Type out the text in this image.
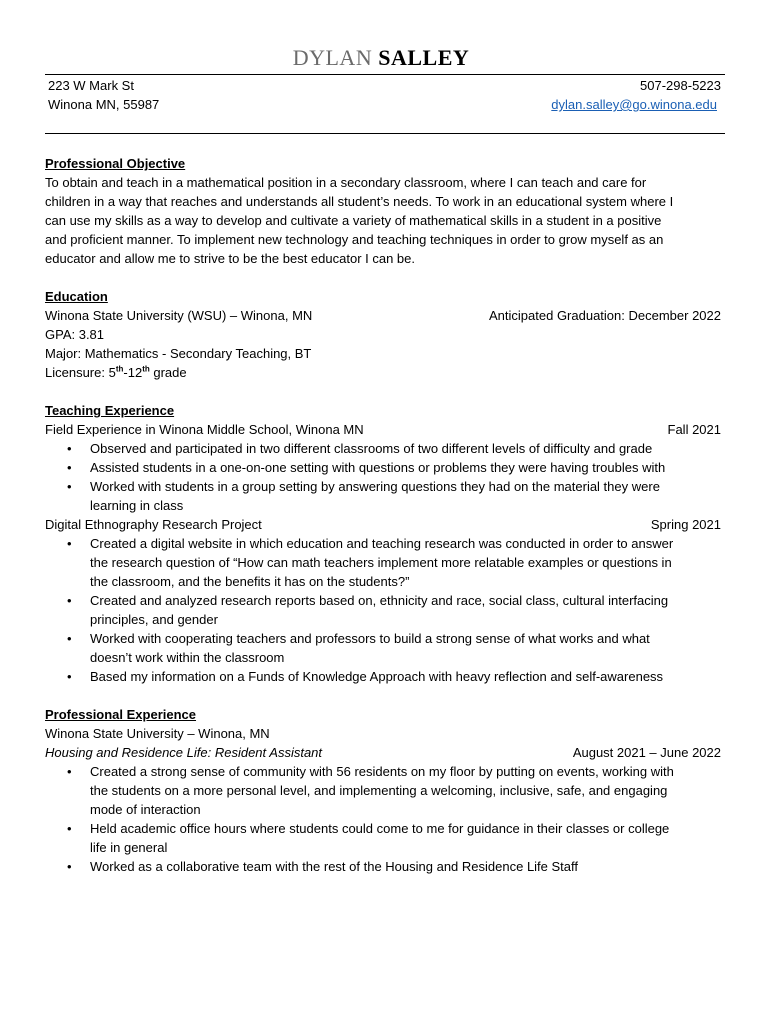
DYLAN SALLEY
223 W Mark St	507-298-5223
Winona MN, 55987	dylan.salley@go.winona.edu
Professional Objective
To obtain and teach in a mathematical position in a secondary classroom, where I can teach and care for
children in a way that reaches and understands all student’s needs. To work in an educational system where I
can use my skills as a way to develop and cultivate a variety of mathematical skills in a student in a positive
and proficient manner. To implement new technology and teaching techniques in order to grow myself as an
educator and allow me to strive to be the best educator I can be.
Education
Winona State University (WSU) – Winona, MN	Anticipated Graduation: December 2022
GPA: 3.81
Major: Mathematics - Secondary Teaching, BT
Licensure: 5th-12th grade
Teaching Experience
Field Experience in Winona Middle School, Winona MN	Fall 2021
• Observed and participated in two different classrooms of two different levels of difficulty and grade
• Assisted students in a one-on-one setting with questions or problems they were having troubles with
• Worked with students in a group setting by answering questions they had on the material they were
learning in class
Digital Ethnography Research Project	Spring 2021
• Created a digital website in which education and teaching research was conducted in order to answer
the research question of “How can math teachers implement more relatable examples or questions in
the classroom, and the benefits it has on the students?”
• Created and analyzed research reports based on, ethnicity and race, social class, cultural interfacing
principles, and gender
• Worked with cooperating teachers and professors to build a strong sense of what works and what
doesn’t work within the classroom
• Based my information on a Funds of Knowledge Approach with heavy reflection and self-awareness
Professional Experience
Winona State University – Winona, MN
Housing and Residence Life: Resident Assistant	August 2021 – June 2022
• Created a strong sense of community with 56 residents on my floor by putting on events, working with
the students on a more personal level, and implementing a welcoming, inclusive, safe, and engaging
mode of interaction
• Held academic office hours where students could come to me for guidance in their classes or college
life in general
• Worked as a collaborative team with the rest of the Housing and Residence Life Staff
